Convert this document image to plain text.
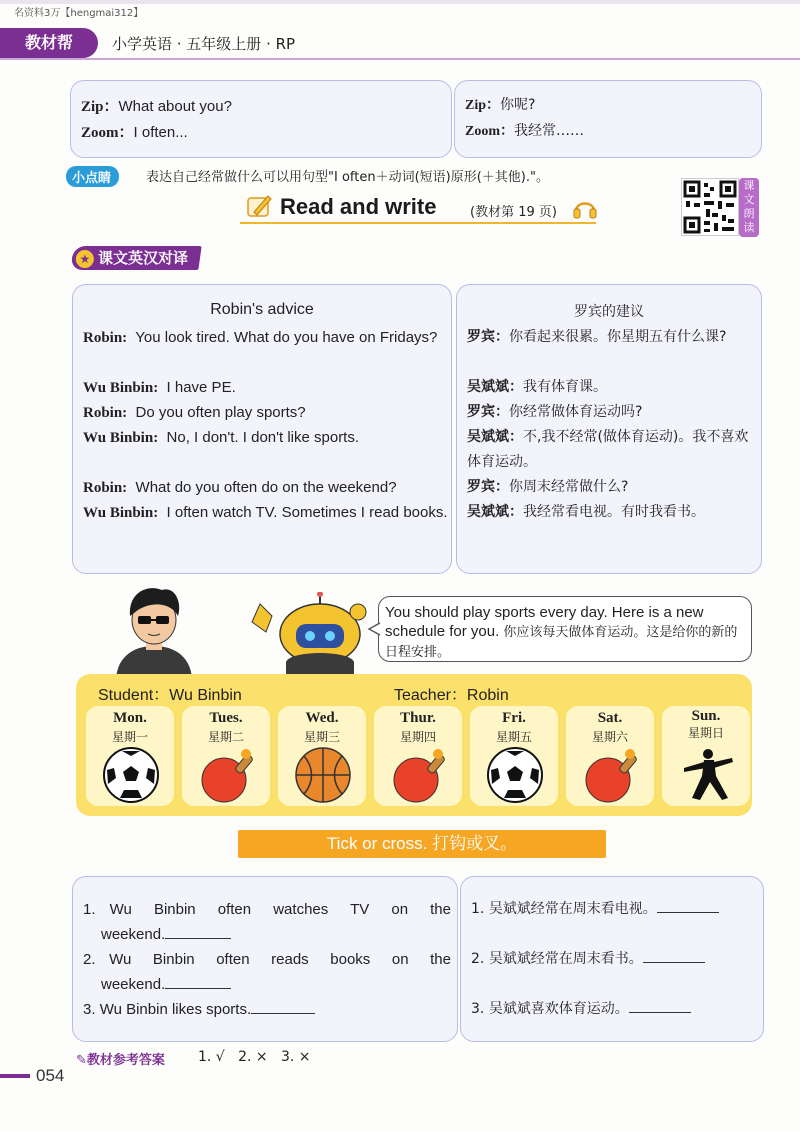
名资料3万【hengmai312】
教材帮	小学英语 · 五年级上册 · RP
Zip：What about you?
Zoom：I often...
Zip：你呢?
Zoom：我经常……
小点睛	表达自己经常做什么可以用句型"I often＋动词(短语)原形(＋其他)."。
Read and write	(教材第 19 页)
课文朗读
★ 课文英汉对译
Robin's advice
Robin: You look tired. What do you have on Fridays?
Wu Binbin: I have PE.
Robin: Do you often play sports?
Wu Binbin: No, I don't. I don't like sports.
Robin: What do you often do on the weekend?
Wu Binbin: I often watch TV. Sometimes I read books.
罗宾的建议
罗宾：你看起来很累。你星期五有什么课?
吴斌斌：我有体育课。
罗宾：你经常做体育运动吗?
吴斌斌：不,我不经常(做体育运动)。我不喜欢体育运动。
罗宾：你周末经常做什么?
吴斌斌：我经常看电视。有时我看书。
You should play sports every day. Here is a new schedule for you. 你应该每天做体育运动。这是给你的新的日程安排。
Student：Wu Binbin	Teacher：Robin
Mon.
星期一
Tues.
星期二
Wed.
星期三
Thur.
星期四
Fri.
星期五
Sat.
星期六
Sun.
星期日
Tick or cross. 打钩或叉。
1. Wu Binbin often watches TV on the
weekend.
2. Wu Binbin often reads books on the
weekend.
3. Wu Binbin likes sports.
1. 吴斌斌经常在周末看电视。
2. 吴斌斌经常在周末看书。
3. 吴斌斌喜欢体育运动。
✎教材参考答案 1. √   2. ×   3. ×
054
